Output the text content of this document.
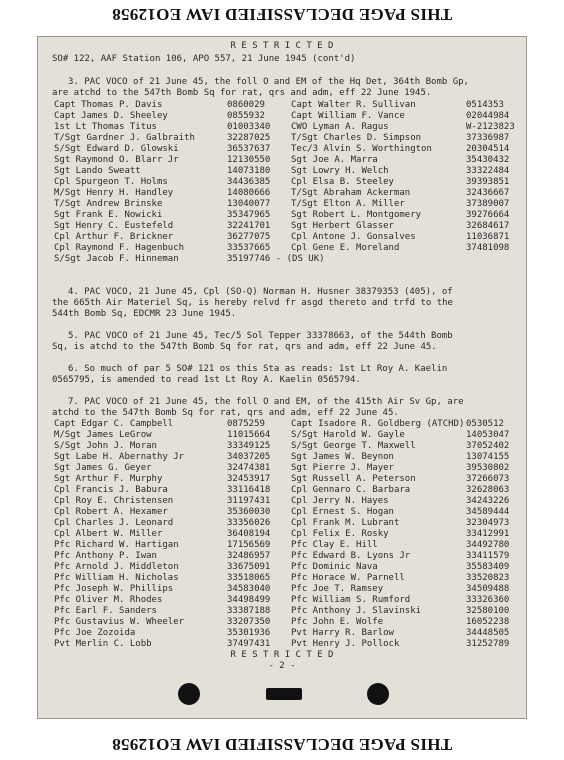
THIS PAGE DECLASSIFIED IAW EO12958
R E S T R I C T E D
SO# 122, AAF Station 106, APO 557, 21 June 1945 (cont'd)
3. PAC VOCO of 21 June 45, the foll O and EM of the Hq Det, 364th Bomb Gp,
are atchd to the 547th Bomb Sq for rat, qrs and adm, eff 22 June 1945.
Capt Thomas P. Davis	0860029	Capt Walter R. Sullivan	0514353
Capt James D. Sheeley	0855932	Capt William F. Vance	02044984
1st Lt Thomas Titus	01003340 CWO Lyman A. Ragus	W-2123823
T/Sgt Gardner J. Galbraith	32287025 T/Sgt Charles D. Simpson	37336987
S/Sgt Edward D. Glowski	36537637 Tec/3 Alvin S. Worthington	20304514
Sgt Raymond O. Blarr Jr	12130550 Sgt Joe A. Marra	35430432
Sgt Lando Sweatt	14073180 Sgt Lowry H. Welch	33322484
Cpl Spurgeon T. Holms	34436385 Cpl Elsa B. Steeley	39393851
M/Sgt Henry H. Handley	14080666 T/Sgt Abraham Ackerman	32436667
T/Sgt Andrew Brinske	13040077 T/Sgt Elton A. Miller	37389007
Sgt Frank E. Nowicki	35347965 Sgt Robert L. Montgomery	39276664
Sgt Henry C. Eustefeld	32241701 Sgt Herbert Glasser	32684617
Cpl Arthur F. Brickner	36277075 Cpl Antone J. Gonsalves	11036871
Cpl Raymond F. Hagenbuch	33537665 Cpl Gene E. Moreland	37481098
S/Sgt Jacob F. Hinneman	35197746 - (DS UK)
4. PAC VOCO, 21 June 45, Cpl (SO-Q) Norman H. Husner 38379353 (405), of
the 665th Air Materiel Sq, is hereby relvd fr asgd thereto and trfd to the
544th Bomb Sq, EDCMR 23 June 1945.
5. PAC VOCO of 21 June 45, Tec/5 Sol Tepper 33378663, of the 544th Bomb
Sq, is atchd to the 547th Bomb Sq for rat, qrs and adm, eff 22 June 45.
6. So much of par 5 SO# 121 os this Sta as reads: 1st Lt Roy A. Kaelin
0565795, is amended to read 1st Lt Roy A. Kaelin 0565794.
7. PAC VOCO of 21 June 45, the foll O and EM, of the 415th Air Sv Gp, are
atchd to the 547th Bomb Sq for rat, qrs and adm, eff 22 June 45.
Capt Edgar C. Campbell	0875259	Capt Isadore R. Goldberg (ATCHD) 0530512
M/Sgt James LeGrow	11015664 S/Sgt Harold W. Gayle	14053047
S/Sgt John J. Moran	33349125 S/Sgt George T. Maxwell	37052402
Sgt Labe H. Abernathy Jr	34037205 Sgt James W. Beynon	13074155
Sgt James G. Geyer	32474381 Sgt Pierre J. Mayer	39530802
Sgt Arthur F. Murphy	32453917 Sgt Russell A. Peterson	37266073
Cpl Francis J. Babura	33116418 Cpl Gennaro C. Barbara	32628063
Cpl Roy E. Christensen	31197431 Cpl Jerry N. Hayes	34243226
Cpl Robert A. Hexamer	35360030 Cpl Ernest S. Hogan	34589444
Cpl Charles J. Leonard	33356026 Cpl Frank M. Lubrant	32304973
Cpl Albert W. Miller	36408194 Cpl Felix E. Rosky	33412991
Pfc Richard W. Hartigan	17156569 Pfc Clay E. Hill	34492780
Pfc Anthony P. Iwan	32486957 Pfc Edward B. Lyons Jr	33411579
Pfc Arnold J. Middleton	33675091 Pfc Dominic Nava	35583409
Pfc William H. Nicholas	33518065 Pfc Horace W. Parnell	33520823
Pfc Joseph W. Phillips	34583040 Pfc Joe T. Ramsey	34509488
Pfc Oliver M. Rhodes	34498499 Pfc William S. Rumford	33326360
Pfc Earl F. Sanders	33387188 Pfc Anthony J. Slavinski	32580100
Pfc Gustavius W. Wheeler	33207350 Pfc John E. Wolfe	16052238
Pfc Joe Zozoida	35301936 Pvt Harry R. Barlow	34448505
Pvt Merlin C. Lobb	37497431 Pvt Henry J. Pollock	31252789
R E S T R I C T E D
- 2 -
THIS PAGE DECLASSIFIED IAW EO12958
